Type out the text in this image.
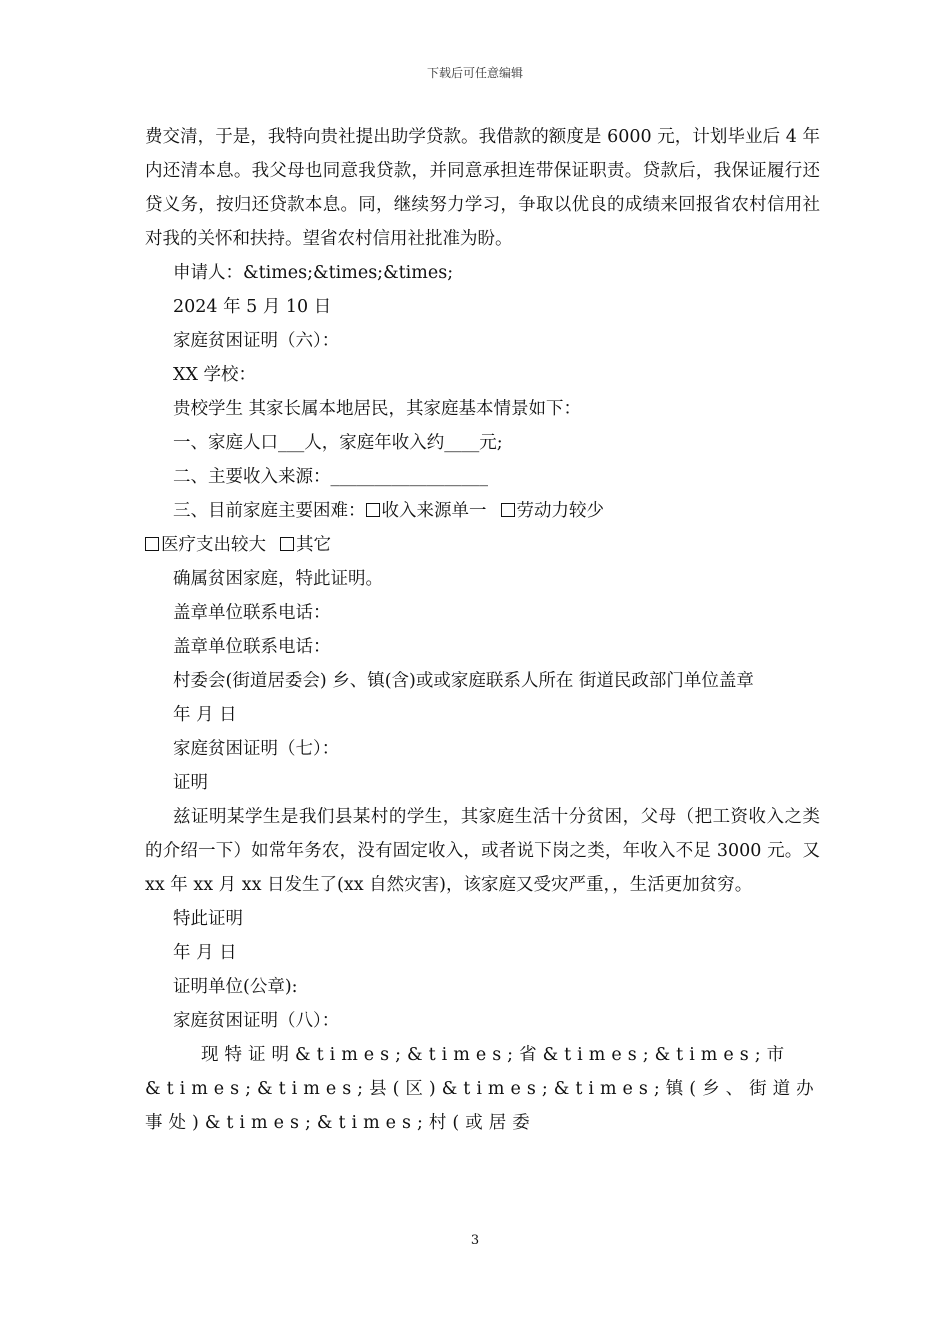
下载后可任意编辑

费交清，于是，我特向贵社提出助学贷款。我借款的额度是 6000 元，计划毕业后 4 年内还清本息。我父母也同意我贷款，并同意承担连带保证职责。贷款后，我保证履行还贷义务，按归还贷款本息。同，继续努力学习，争取以优良的成绩来回报省农村信用社对我的关怀和扶持。望省农村信用社批准为盼。

申请人：&times;&times;&times;

2024 年 5 月 10 日

家庭贫困证明（六）：

XX 学校：

贵校学生 其家长属本地居民，其家庭基本情景如下：

一、家庭人口___人，家庭年收入约____元;

二、主要收入来源：__________________

三、目前家庭主要困难： 收入来源单一 劳动力较少

医疗支出较大 其它

确属贫困家庭，特此证明。

盖章单位联系电话：

盖章单位联系电话：

村委会(街道居委会) 乡、镇(含)或或家庭联系人所在 街道民政部门单位盖章

年 月 日

家庭贫困证明（七）：

证明

兹证明某学生是我们县某村的学生，其家庭生活十分贫困，父母（把工资收入之类的介绍一下）如常年务农，没有固定收入，或者说下岗之类，年收入不足 3000 元。又 xx 年 xx 月 xx 日发生了(xx 自然灾害)，该家庭又受灾严重，，生活更加贫穷。

特此证明

年 月 日

证明单位(公章):

家庭贫困证明（八）：

现特证明&times;&times;省&times;&times;市&times;&times;县(区)&times;&times;镇(乡、街道办事处)&times;&times;村(或居委

3
